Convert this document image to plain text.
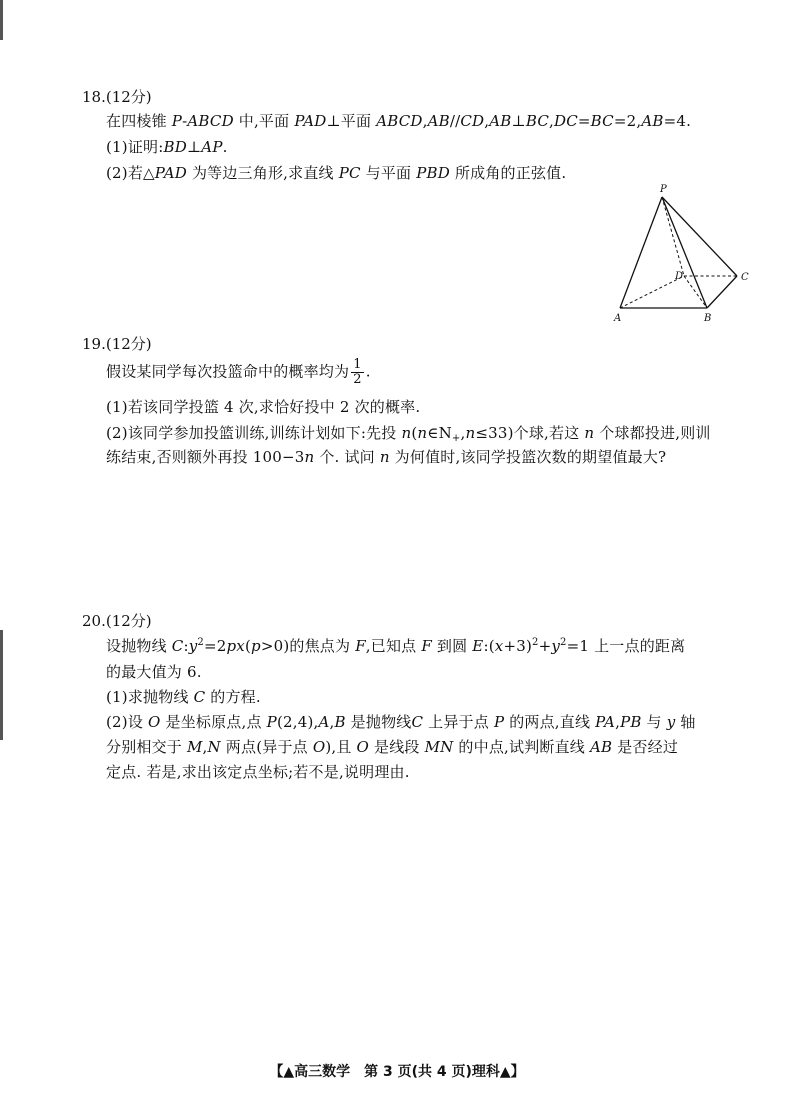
18.(12分)
在四棱锥 P-ABCD 中,平面 PAD⊥平面 ABCD,AB//CD,AB⊥BC,DC=BC=2,AB=4.
(1)证明:BD⊥AP.
(2)若△PAD 为等边三角形,求直线 PC 与平面 PBD 所成角的正弦值.
P
A	B
C
D
19.(12分)
假设某同学每次投篮命中的概率均为 $\frac{1}{2}$ .
(1)若该同学投篮 4 次,求恰好投中 2 次的概率.
(2)该同学参加投篮训练,训练计划如下:先投 $n(n\in N_+,n\le 33)$个球,若这 n 个球都投进,则训
练结束,否则额外再投 100−3n 个. 试问 n 为何值时,该同学投篮次数的期望值最大?
20.(12分)
设抛物线 $C:y^2=2px(p>0)$的焦点为 F,已知点 F 到圆 $E:(x+3)^2+y^2=1$ 上一点的距离
的最大值为 6.
(1)求抛物线 C 的方程.
(2)设 O 是坐标原点,点 P(2,4),A,B 是抛物线C 上异于点 P 的两点,直线 PA,PB 与 y 轴
分别相交于 M,N 两点(异于点 O),且 O 是线段 MN 的中点,试判断直线 AB 是否经过
定点. 若是,求出该定点坐标;若不是,说明理由.
【▲高三数学　第 3 页(共 4 页)理科▲】
